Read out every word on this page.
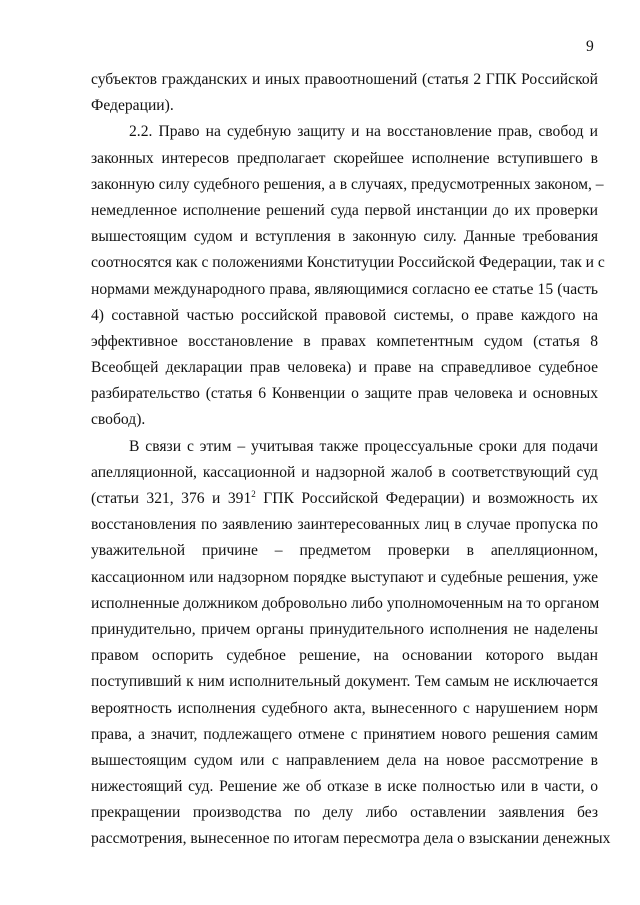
9
субъектов гражданских и иных правоотношений (статья 2 ГПК Российской
Федерации).
2.2. Право на судебную защиту и на восстановление прав, свобод и
законных интересов предполагает скорейшее исполнение вступившего в
законную силу судебного решения, а в случаях, предусмотренных законом, –
немедленное исполнение решений суда первой инстанции до их проверки
вышестоящим судом и вступления в законную силу. Данные требования
соотносятся как с положениями Конституции Российской Федерации, так и с
нормами международного права, являющимися согласно ее статье 15 (часть
4) составной частью российской правовой системы, о праве каждого на
эффективное восстановление в правах компетентным судом (статья 8
Всеобщей декларации прав человека) и праве на справедливое судебное
разбирательство (статья 6 Конвенции о защите прав человека и основных
свобод).
В связи с этим – учитывая также процессуальные сроки для подачи
апелляционной, кассационной и надзорной жалоб в соответствующий суд
(статьи 321, 376 и $391^2$ ГПК Российской Федерации) и возможность их
восстановления по заявлению заинтересованных лиц в случае пропуска по
уважительной причине – предметом проверки в апелляционном,
кассационном или надзорном порядке выступают и судебные решения, уже
исполненные должником добровольно либо уполномоченным на то органом
принудительно, причем органы принудительного исполнения не наделены
правом оспорить судебное решение, на основании которого выдан
поступивший к ним исполнительный документ. Тем самым не исключается
вероятность исполнения судебного акта, вынесенного с нарушением норм
права, а значит, подлежащего отмене с принятием нового решения самим
вышестоящим судом или с направлением дела на новое рассмотрение в
нижестоящий суд. Решение же об отказе в иске полностью или в части, о
прекращении производства по делу либо оставлении заявления без
рассмотрения, вынесенное по итогам пересмотра дела о взыскании денежных
